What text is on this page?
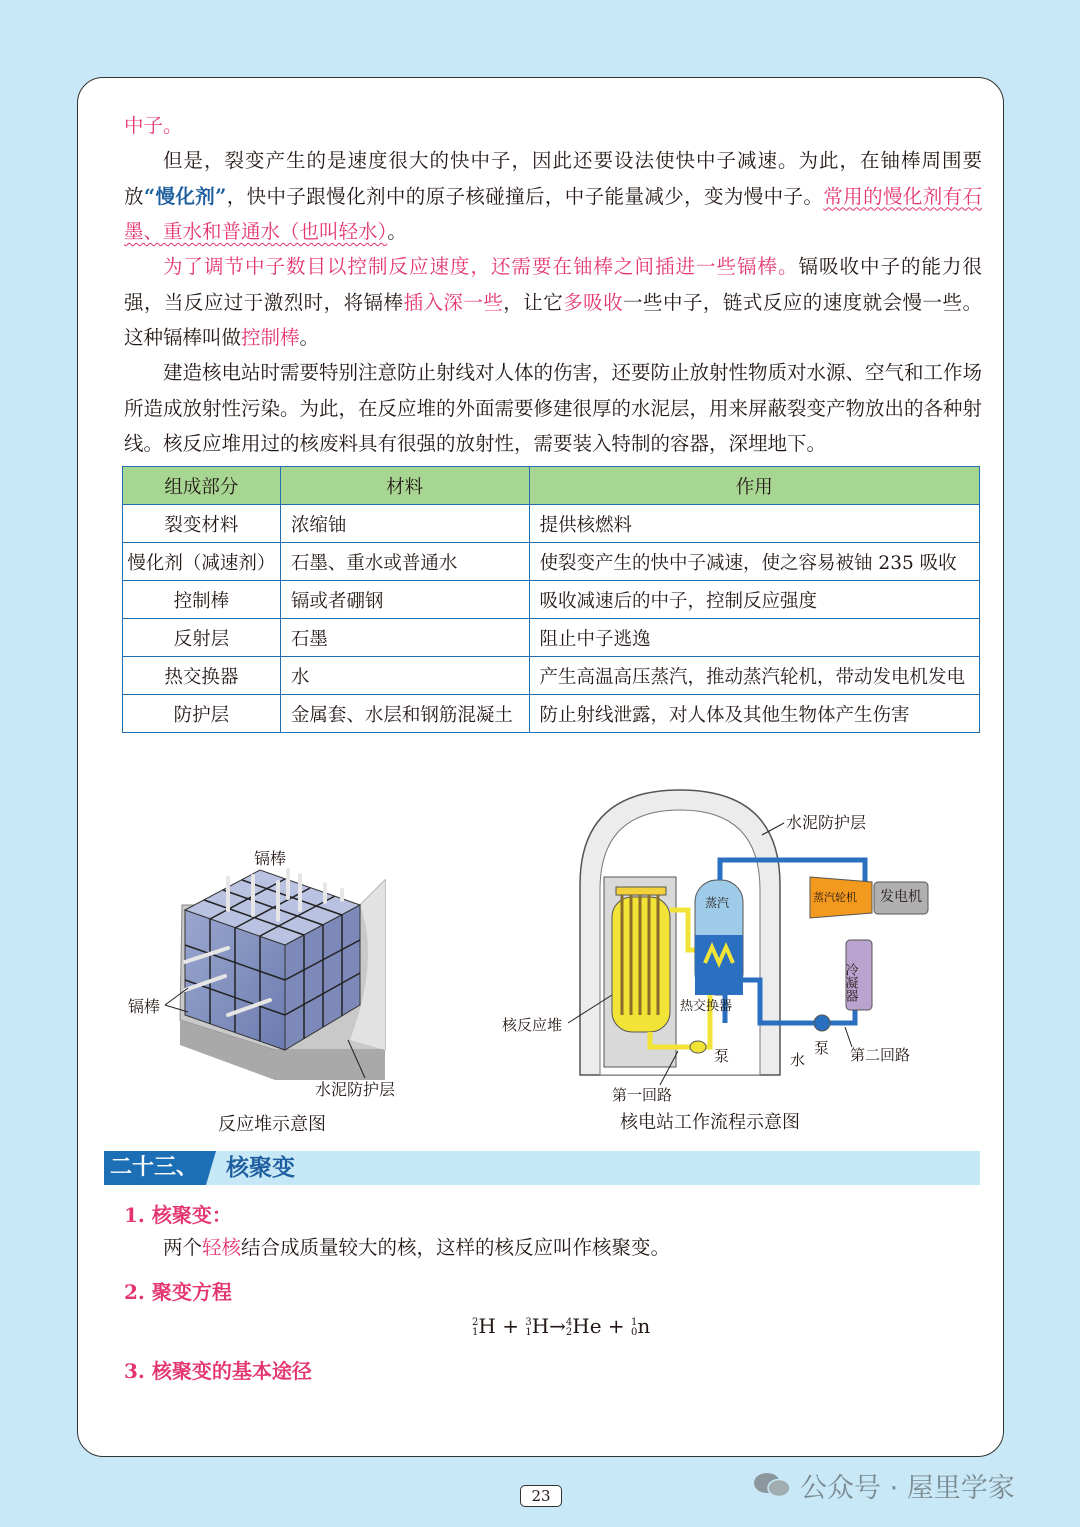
中子。
但是，裂变产生的是速度很大的快中子，因此还要设法使快中子减速。为此，在铀棒周围要放“慢化剂”，快中子跟慢化剂中的原子核碰撞后，中子能量减少，变为慢中子。常用的慢化剂有石墨、重水和普通水（也叫轻水）。
为了调节中子数目以控制反应速度，还需要在铀棒之间插进一些镉棒。镉吸收中子的能力很强，当反应过于激烈时，将镉棒插入深一些，让它多吸收一些中子，链式反应的速度就会慢一些。这种镉棒叫做控制棒。
建造核电站时需要特别注意防止射线对人体的伤害，还要防止放射性物质对水源、空气和工作场所造成放射性污染。为此，在反应堆的外面需要修建很厚的水泥层，用来屏蔽裂变产物放出的各种射线。核反应堆用过的核废料具有很强的放射性，需要装入特制的容器，深埋地下。
组成部分	材料	作用
裂变材料	浓缩铀	提供核燃料
慢化剂（减速剂）	石墨、重水或普通水	使裂变产生的快中子减速，使之容易被铀 235 吸收
控制棒	镉或者硼钢	吸收减速后的中子，控制反应强度
反射层	石墨	阻止中子逃逸
热交换器	水	产生高温高压蒸汽，推动蒸汽轮机，带动发电机发电
防护层	金属套、水层和钢筋混凝土	防止射线泄露，对人体及其他生物体产生伤害
镉棒
镉棒
水泥防护层
反应堆示意图
水泥防护层
蒸汽	蒸汽轮机 发电机
冷凝器
核反应堆
热交换器
泵	水
泵 第二回路
第一回路
核电站工作流程示意图
二十三、	核聚变
1. 核聚变：
两个轻核结合成质量较大的核，这样的核反应叫作核聚变。
2. 聚变方程
2
1 H + 3
1 H→ 4
2 He + 1
0 n
3. 核聚变的基本途径
23	公众号 · 屋里学家
